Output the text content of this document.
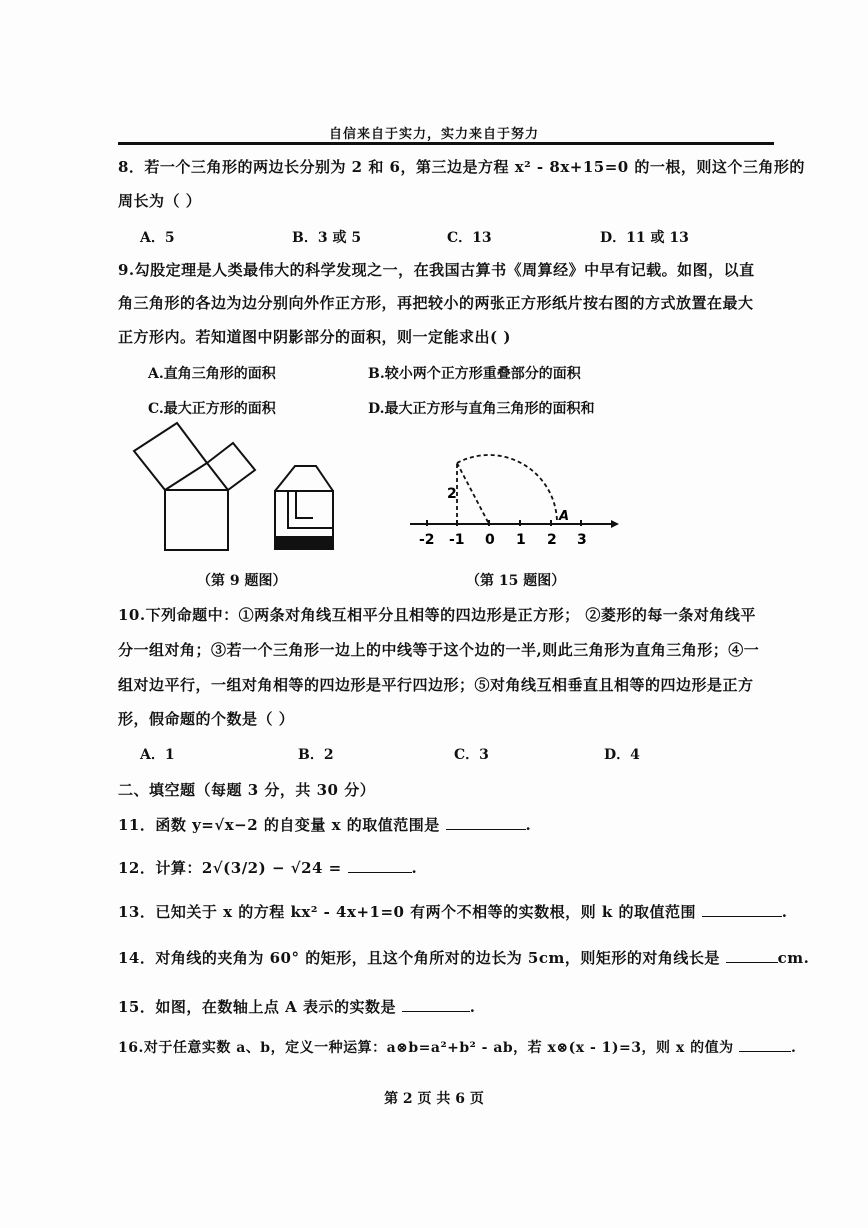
自信来自于实力，实力来自于努力
8．若一个三角形的两边长分别为 2 和 6，第三边是方程 x² - 8x+15=0 的一根，则这个三角形的
周长为（ ）
A．5	B．3 或 5	C．13	D．11 或 13
9.勾股定理是人类最伟大的科学发现之一，在我国古算书《周算经》中早有记载。如图，以直
角三角形的各边为边分别向外作正方形，再把较小的两张正方形纸片按右图的方式放置在最大
正方形内。若知道图中阴影部分的面积，则一定能求出( )
A.直角三角形的面积	B.较小两个正方形重叠部分的面积
C.最大正方形的面积	D.最大正方形与直角三角形的面积和
2
A
-2 -1 0 1 2 3
（第 9 题图）	（第 15 题图）
10.下列命题中：①两条对角线互相平分且相等的四边形是正方形； ②菱形的每一条对角线平
分一组对角；③若一个三角形一边上的中线等于这个边的一半,则此三角形为直角三角形；④一
组对边平行，一组对角相等的四边形是平行四边形；⑤对角线互相垂直且相等的四边形是正方
形，假命题的个数是（ ）
A．1	B．2	C．3	D．4
二、填空题（每题 3 分，共 30 分）
11．函数 y=√x−2 的自变量 x 的取值范围是	.
12．计算：2√(3/2) − √24 =	.
13．已知关于 x 的方程 kx² - 4x+1=0 有两个不相等的实数根，则 k 的取值范围	.
14．对角线的夹角为 60° 的矩形，且这个角所对的边长为 5cm，则矩形的对角线长是	cm.
15．如图，在数轴上点 A 表示的实数是	.
16.对于任意实数 a、b，定义一种运算：a⊗b=a²+b² - ab，若 x⊗(x - 1)=3，则 x 的值为	.
第 2 页 共 6 页
